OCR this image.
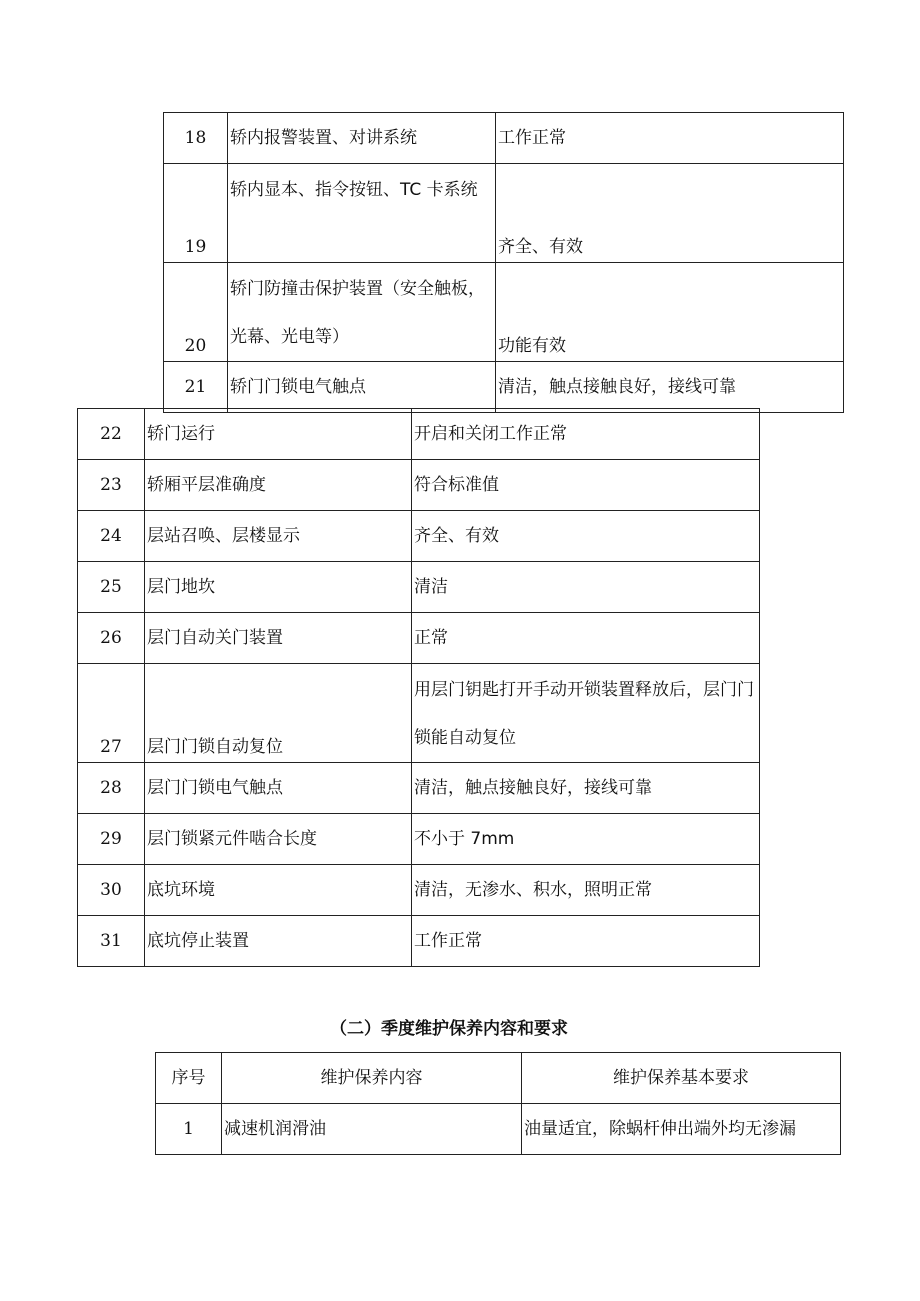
18	轿内报警装置、对讲系统	工作正常
19	轿内显本、指令按钮、TC 卡系统	齐全、有效
20	轿门防撞击保护装置（安全触板，光幕、光电等）	功能有效
21	轿门门锁电气触点	清洁，触点接触良好，接线可靠
22	轿门运行	开启和关闭工作正常
23	轿厢平层准确度	符合标准值
24	层站召唤、层楼显示	齐全、有效
25	层门地坎	清洁
26	层门自动关门装置	正常
27	层门门锁自动复位	用层门钥匙打开手动开锁装置释放后，层门门锁能自动复位
28	层门门锁电气触点	清洁，触点接触良好，接线可靠
29	层门锁紧元件啮合长度	不小于 7mm
30	底坑环境	清洁，无渗水、积水，照明正常
31	底坑停止装置	工作正常
（二）季度维护保养内容和要求
序号	维护保养内容	维护保养基本要求
1	减速机润滑油	油量适宜，除蜗杆伸出端外均无渗漏
